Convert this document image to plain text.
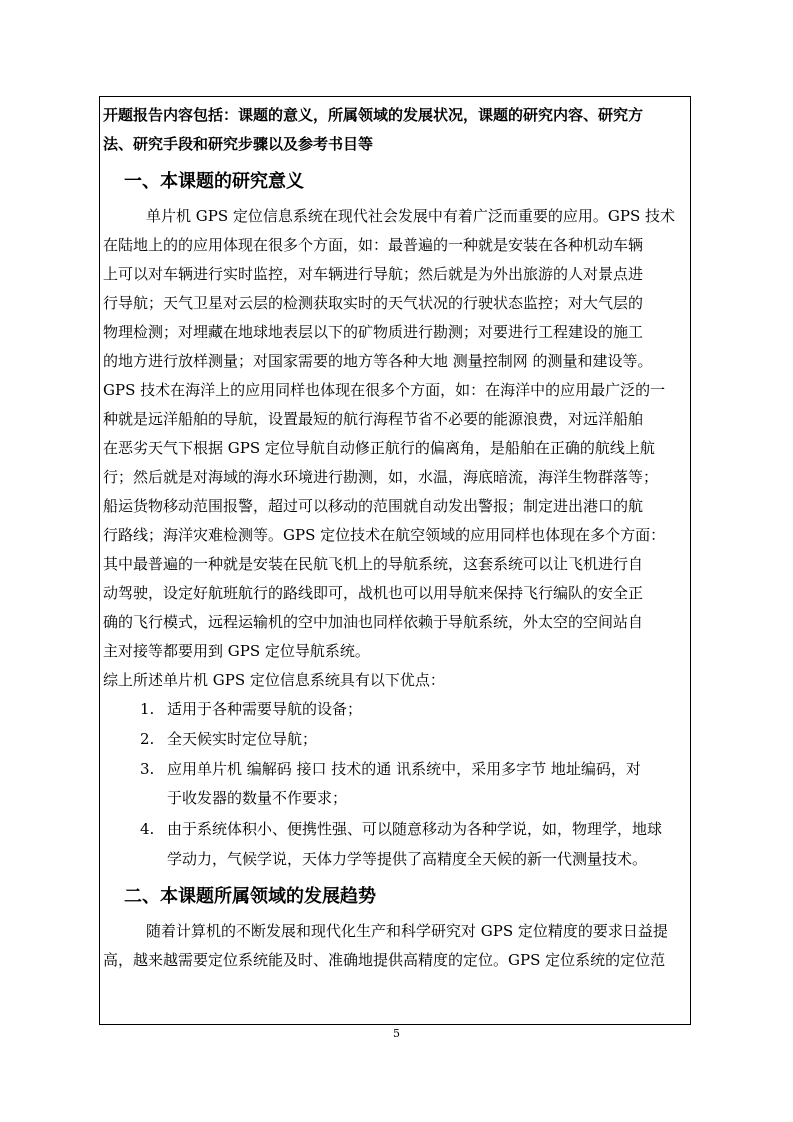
开题报告内容包括：课题的意义，所属领域的发展状况，课题的研究内容、研究方
法、研究手段和研究步骤以及参考书目等
一、本课题的研究意义
单片机 GPS 定位信息系统在现代社会发展中有着广泛而重要的应用。GPS 技术
在陆地上的的应用体现在很多个方面，如：最普遍的一种就是安装在各种机动车辆
上可以对车辆进行实时监控，对车辆进行导航；然后就是为外出旅游的人对景点进
行导航；天气卫星对云层的检测获取实时的天气状况的行驶状态监控；对大气层的
物理检测；对埋藏在地球地表层以下的矿物质进行勘测；对要进行工程建设的施工
的地方进行放样测量；对国家需要的地方等各种大地 测量控制网 的测量和建设等。
GPS 技术在海洋上的应用同样也体现在很多个方面，如：在海洋中的应用最广泛的一
种就是远洋船舶的导航，设置最短的航行海程节省不必要的能源浪费，对远洋船舶
在恶劣天气下根据 GPS 定位导航自动修正航行的偏离角，是船舶在正确的航线上航
行；然后就是对海域的海水环境进行勘测，如，水温，海底暗流，海洋生物群落等；
船运货物移动范围报警，超过可以移动的范围就自动发出警报；制定进出港口的航
行路线；海洋灾难检测等。GPS 定位技术在航空领域的应用同样也体现在多个方面：
其中最普遍的一种就是安装在民航飞机上的导航系统，这套系统可以让飞机进行自
动驾驶，设定好航班航行的路线即可，战机也可以用导航来保持飞行编队的安全正
确的飞行模式，远程运输机的空中加油也同样依赖于导航系统，外太空的空间站自
主对接等都要用到 GPS 定位导航系统。
综上所述单片机 GPS 定位信息系统具有以下优点：
1. 适用于各种需要导航的设备；
2. 全天候实时定位导航；
3. 应用单片机 编解码 接口 技术的通 讯系统中，采用多字节 地址编码，对
于收发器的数量不作要求；
4. 由于系统体积小、便携性强、可以随意移动为各种学说，如，物理学，地球
学动力，气候学说，天体力学等提供了高精度全天候的新一代测量技术。
二、本课题所属领域的发展趋势
随着计算机的不断发展和现代化生产和科学研究对 GPS 定位精度的要求日益提
高，越来越需要定位系统能及时、准确地提供高精度的定位。GPS 定位系统的定位范
5
